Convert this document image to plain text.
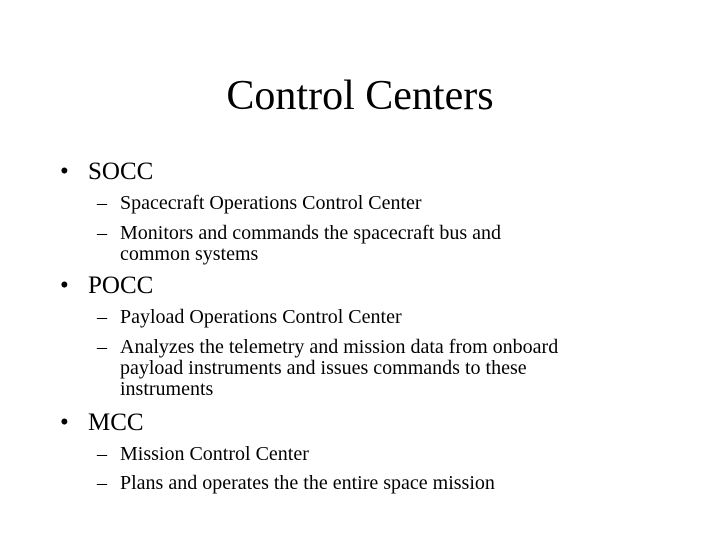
Control Centers
• SOCC
– Spacecraft Operations Control Center
– Monitors and commands the spacecraft bus and
common systems
• POCC
– Payload Operations Control Center
– Analyzes the telemetry and mission data from onboard
payload instruments and issues commands to these
instruments
• MCC
– Mission Control Center
– Plans and operates the the entire space mission
